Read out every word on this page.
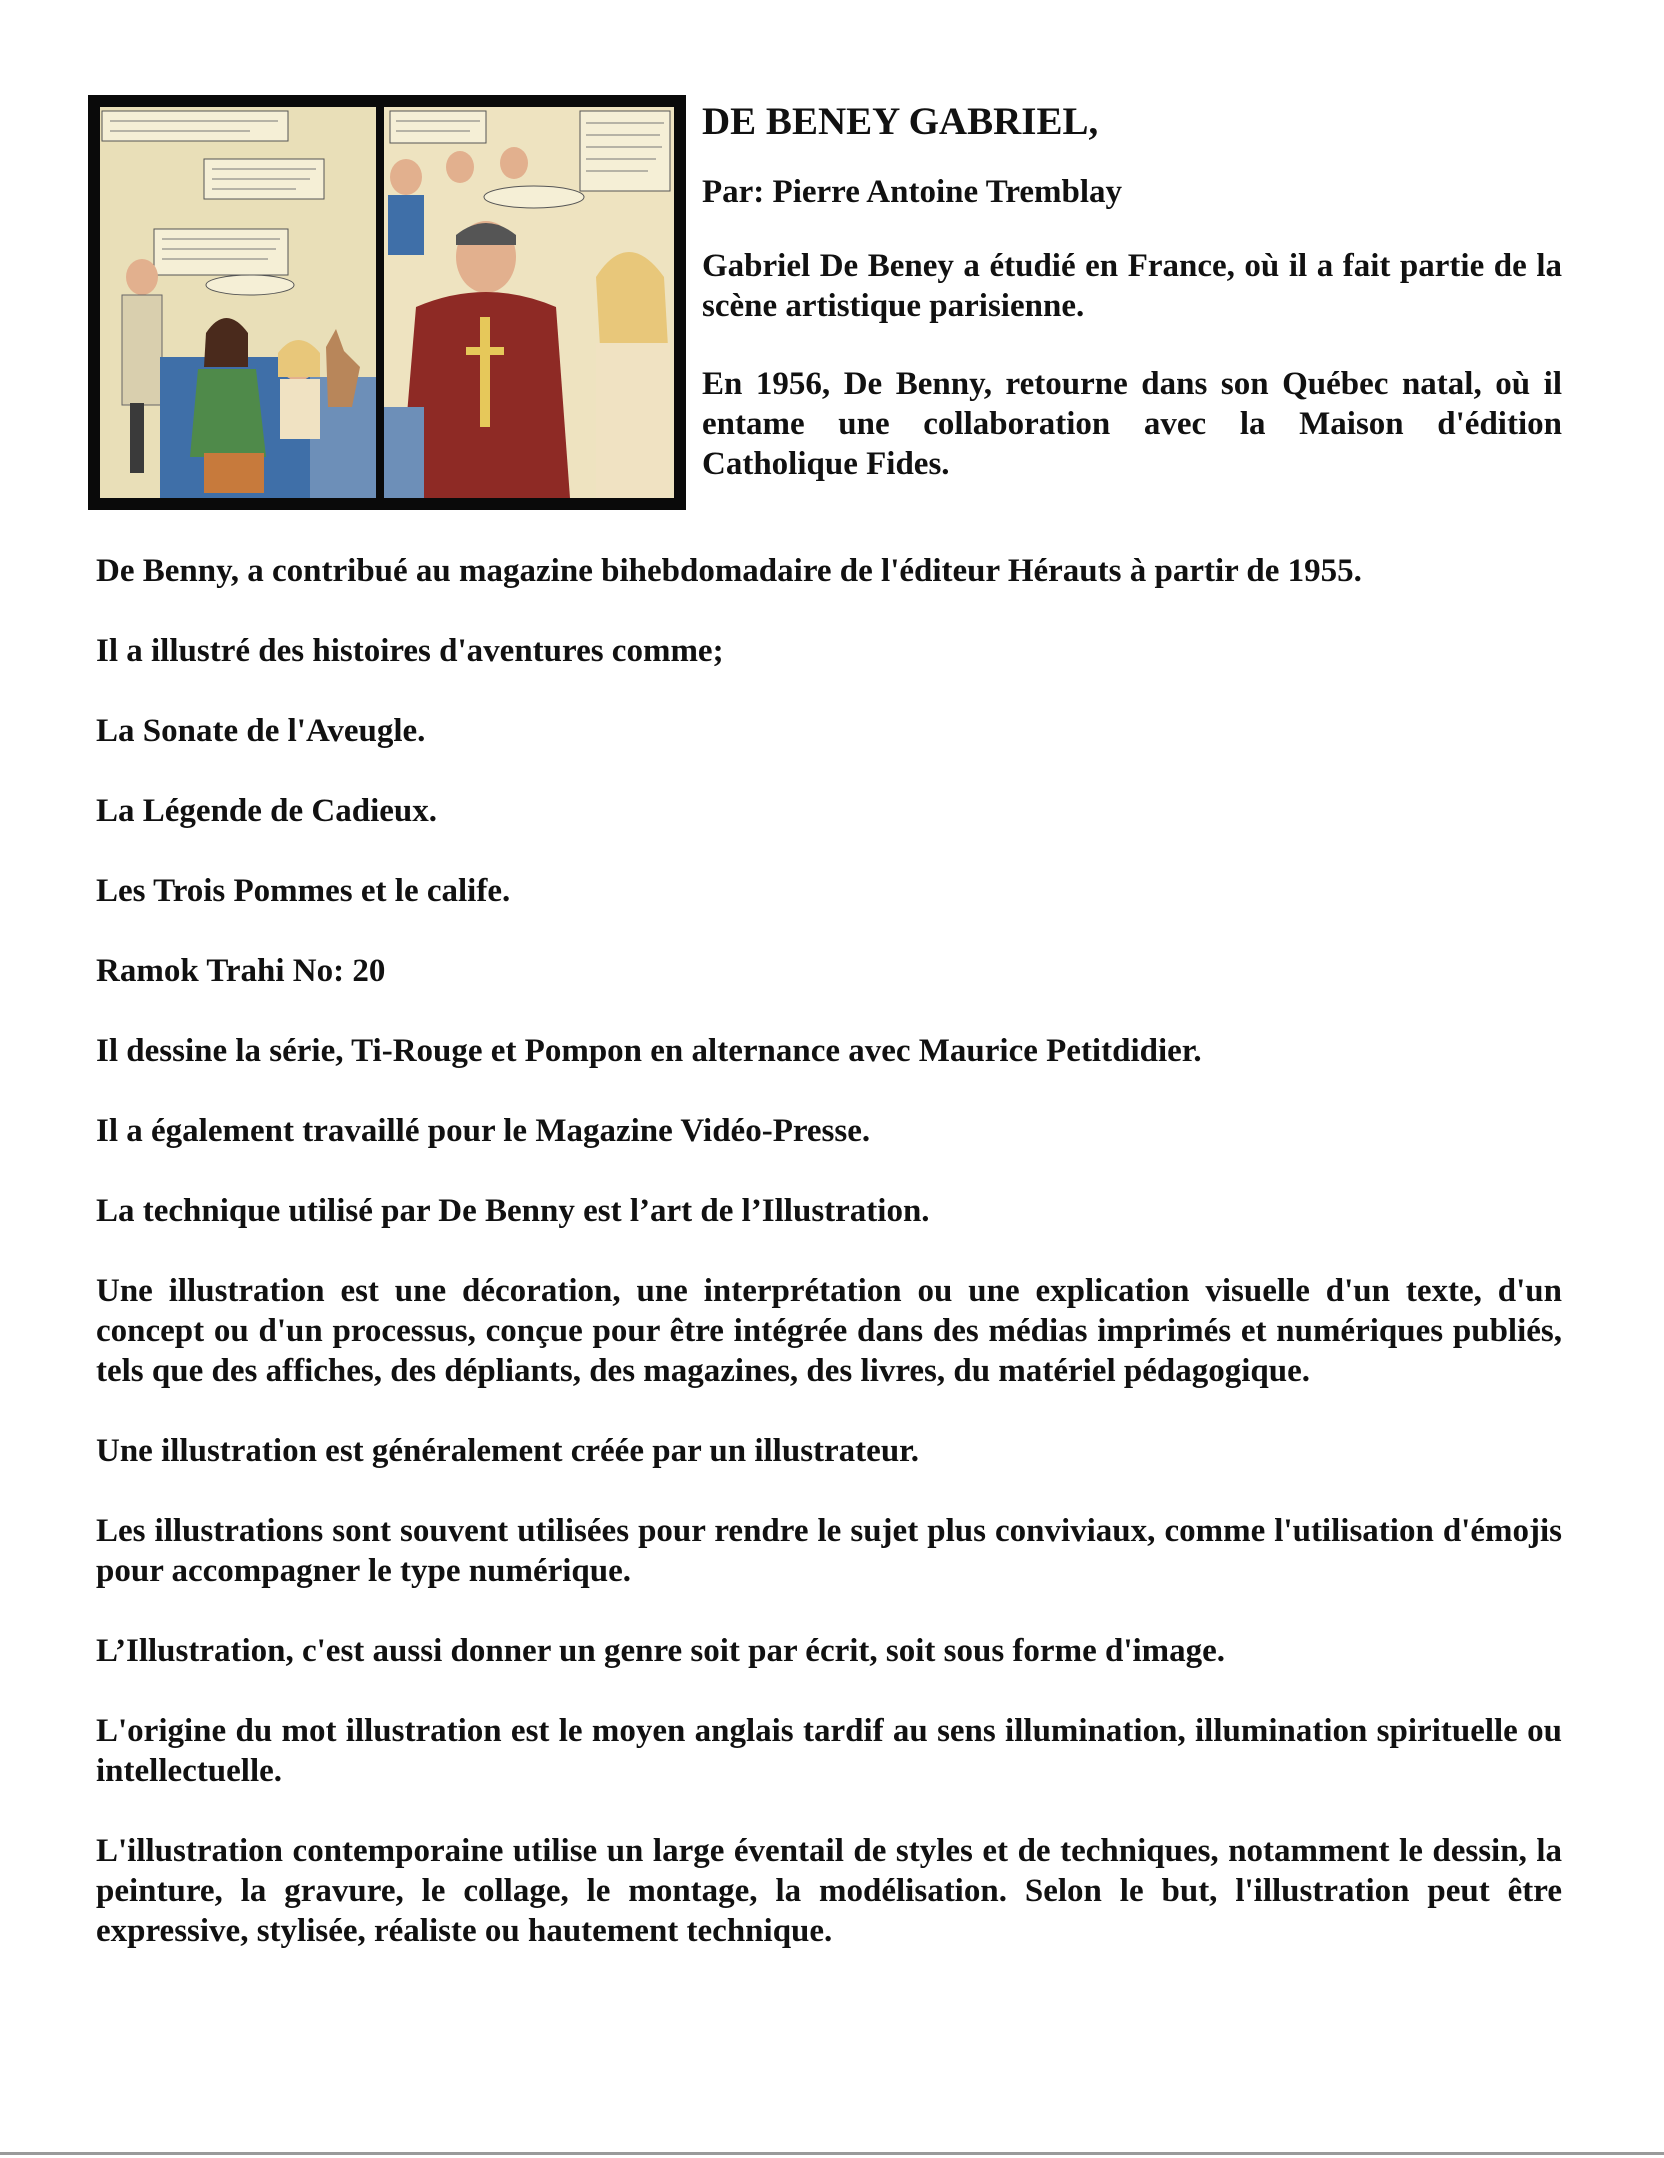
DE BENEY GABRIEL,
Par: Pierre Antoine Tremblay
Gabriel De Beney a étudié en France, où il a fait partie de la scène artistique parisienne.
En 1956, De Benny, retourne dans son Québec natal, où il entame une collaboration avec la Maison d'édition Catholique Fides.
De Benny, a contribué au magazine bihebdomadaire de l'éditeur Hérauts à partir de 1955.
Il a illustré des histoires d'aventures comme;
La Sonate de l'Aveugle.
La Légende de Cadieux.
Les Trois Pommes et le calife.
Ramok Trahi No: 20
Il dessine la série, Ti-Rouge et Pompon en alternance avec Maurice Petitdidier.
Il a également travaillé pour le Magazine Vidéo-Presse.
La technique utilisé par De Benny est l’art de l’Illustration.
Une illustration est une décoration, une interprétation ou une explication visuelle d'un texte, d'un concept ou d'un processus, conçue pour être intégrée dans des médias imprimés et numériques publiés, tels que des affiches, des dépliants, des magazines, des livres, du matériel pédagogique.
Une illustration est généralement créée par un illustrateur.
Les illustrations sont souvent utilisées pour rendre le sujet plus conviviaux, comme l'utilisation d'émojis pour accompagner le type numérique.
L’Illustration, c'est aussi donner un genre soit par écrit, soit sous forme d'image.
L'origine du mot illustration est le moyen anglais tardif au sens illumination, illumination spirituelle ou intellectuelle.
L'illustration contemporaine utilise un large éventail de styles et de techniques, notamment le dessin, la peinture, la gravure, le collage, le montage, la modélisation. Selon le but, l'illustration peut être expressive, stylisée, réaliste ou hautement technique.
